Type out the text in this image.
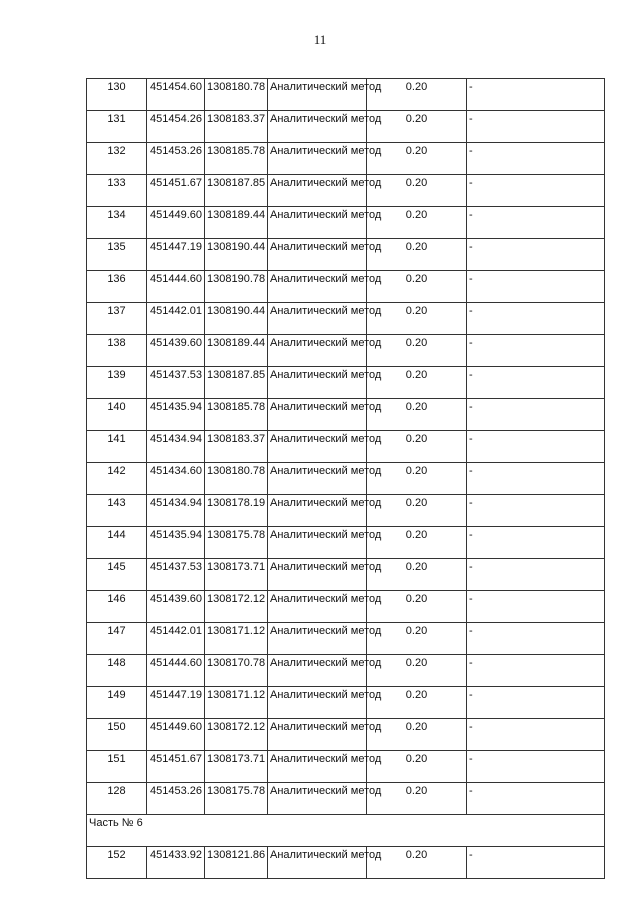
11
130	451454.60	1308180.78	Аналитический метод	0.20	-
131	451454.26	1308183.37	Аналитический метод	0.20	-
132	451453.26	1308185.78	Аналитический метод	0.20	-
133	451451.67	1308187.85	Аналитический метод	0.20	-
134	451449.60	1308189.44	Аналитический метод	0.20	-
135	451447.19	1308190.44	Аналитический метод	0.20	-
136	451444.60	1308190.78	Аналитический метод	0.20	-
137	451442.01	1308190.44	Аналитический метод	0.20	-
138	451439.60	1308189.44	Аналитический метод	0.20	-
139	451437.53	1308187.85	Аналитический метод	0.20	-
140	451435.94	1308185.78	Аналитический метод	0.20	-
141	451434.94	1308183.37	Аналитический метод	0.20	-
142	451434.60	1308180.78	Аналитический метод	0.20	-
143	451434.94	1308178.19	Аналитический метод	0.20	-
144	451435.94	1308175.78	Аналитический метод	0.20	-
145	451437.53	1308173.71	Аналитический метод	0.20	-
146	451439.60	1308172.12	Аналитический метод	0.20	-
147	451442.01	1308171.12	Аналитический метод	0.20	-
148	451444.60	1308170.78	Аналитический метод	0.20	-
149	451447.19	1308171.12	Аналитический метод	0.20	-
150	451449.60	1308172.12	Аналитический метод	0.20	-
151	451451.67	1308173.71	Аналитический метод	0.20	-
128	451453.26	1308175.78	Аналитический метод	0.20	-
Часть № 6					
152	451433.92	1308121.86	Аналитический метод	0.20	-
